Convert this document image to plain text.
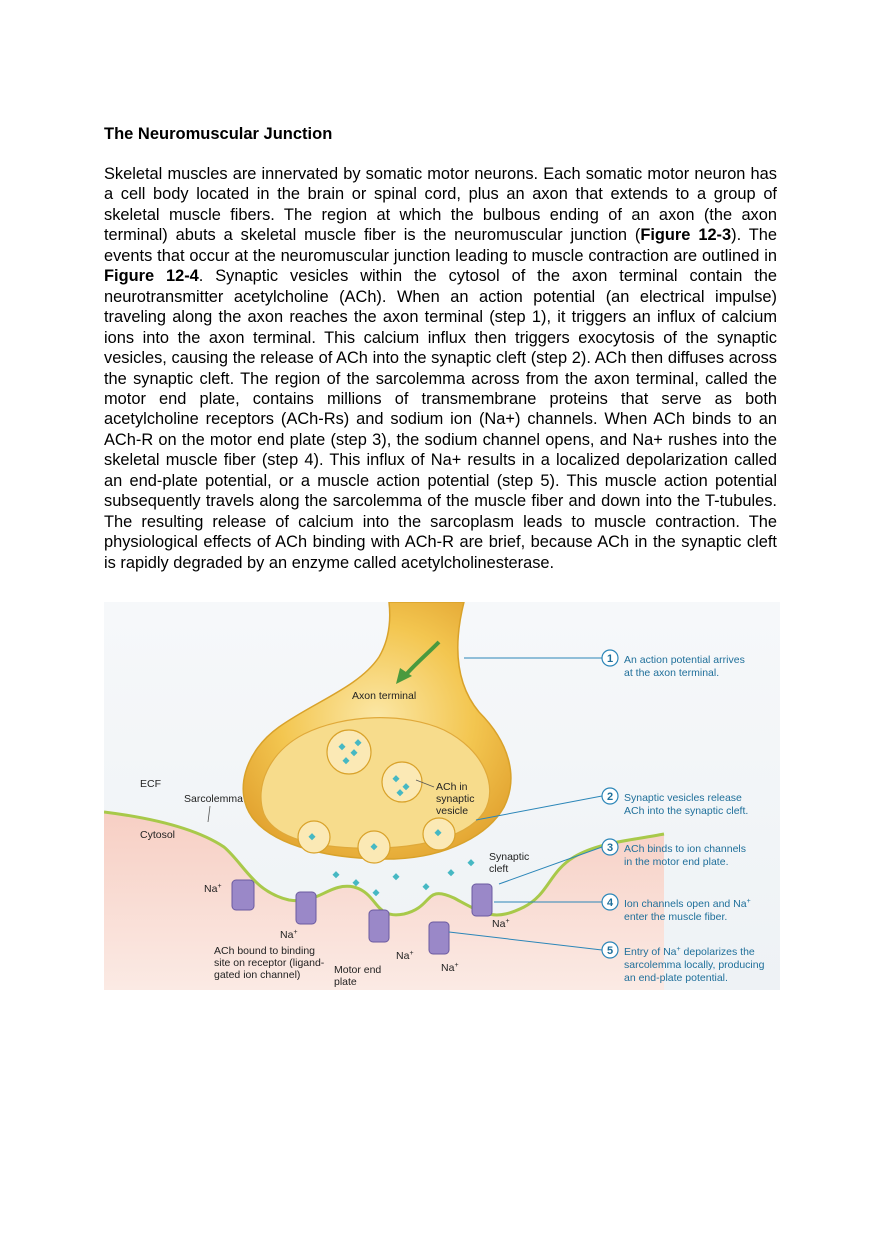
The Neuromuscular Junction
Skeletal muscles are innervated by somatic motor neurons. Each somatic motor neuron has a cell body located in the brain or spinal cord, plus an axon that extends to a group of skeletal muscle fibers. The region at which the bulbous ending of an axon (the axon terminal) abuts a skeletal muscle fiber is the neuromuscular junction (Figure 12-3). The events that occur at the neuromuscular junction leading to muscle contraction are outlined in Figure 12-4. Synaptic vesicles within the cytosol of the axon terminal contain the neurotransmitter acetylcholine (ACh). When an action potential (an electrical impulse) traveling along the axon reaches the axon terminal (step 1), it triggers an influx of calcium ions into the axon terminal. This calcium influx then triggers exocytosis of the synaptic vesicles, causing the release of ACh into the synaptic cleft (step 2). ACh then diffuses across the synaptic cleft. The region of the sarcolemma across from the axon terminal, called the motor end plate, contains millions of transmembrane proteins that serve as both acetylcholine receptors (ACh-Rs) and sodium ion (Na+) channels. When ACh binds to an ACh-R on the motor end plate (step 3), the sodium channel opens, and Na+ rushes into the skeletal muscle fiber (step 4). This influx of Na+ results in a localized depolarization called an end-plate potential, or a muscle action potential (step 5). This muscle action potential subsequently travels along the sarcolemma of the muscle fiber and down into the T-tubules. The resulting release of calcium into the sarcoplasm leads to muscle contraction. The physiological effects of ACh binding with ACh-R are brief, because ACh in the synaptic cleft is rapidly degraded by an enzyme called acetylcholinesterase.
Axon terminal
ECF
Sarcolemma
Cytosol
ACh in
synaptic
vesicle
Synaptic
cleft
Na+
Na+
Na+
Na+
Na+
ACh bound to binding
site on receptor (ligand-
gated ion channel)	Motor end
plate
1 An action potential arrives
at the axon terminal.
2 Synaptic vesicles release
ACh into the synaptic cleft.
3 ACh binds to ion channels
in the motor end plate.
4 Ion channels open and Na+
enter the muscle fiber.
5 Entry of Na+ depolarizes the
sarcolemma locally, producing
an end-plate potential.
